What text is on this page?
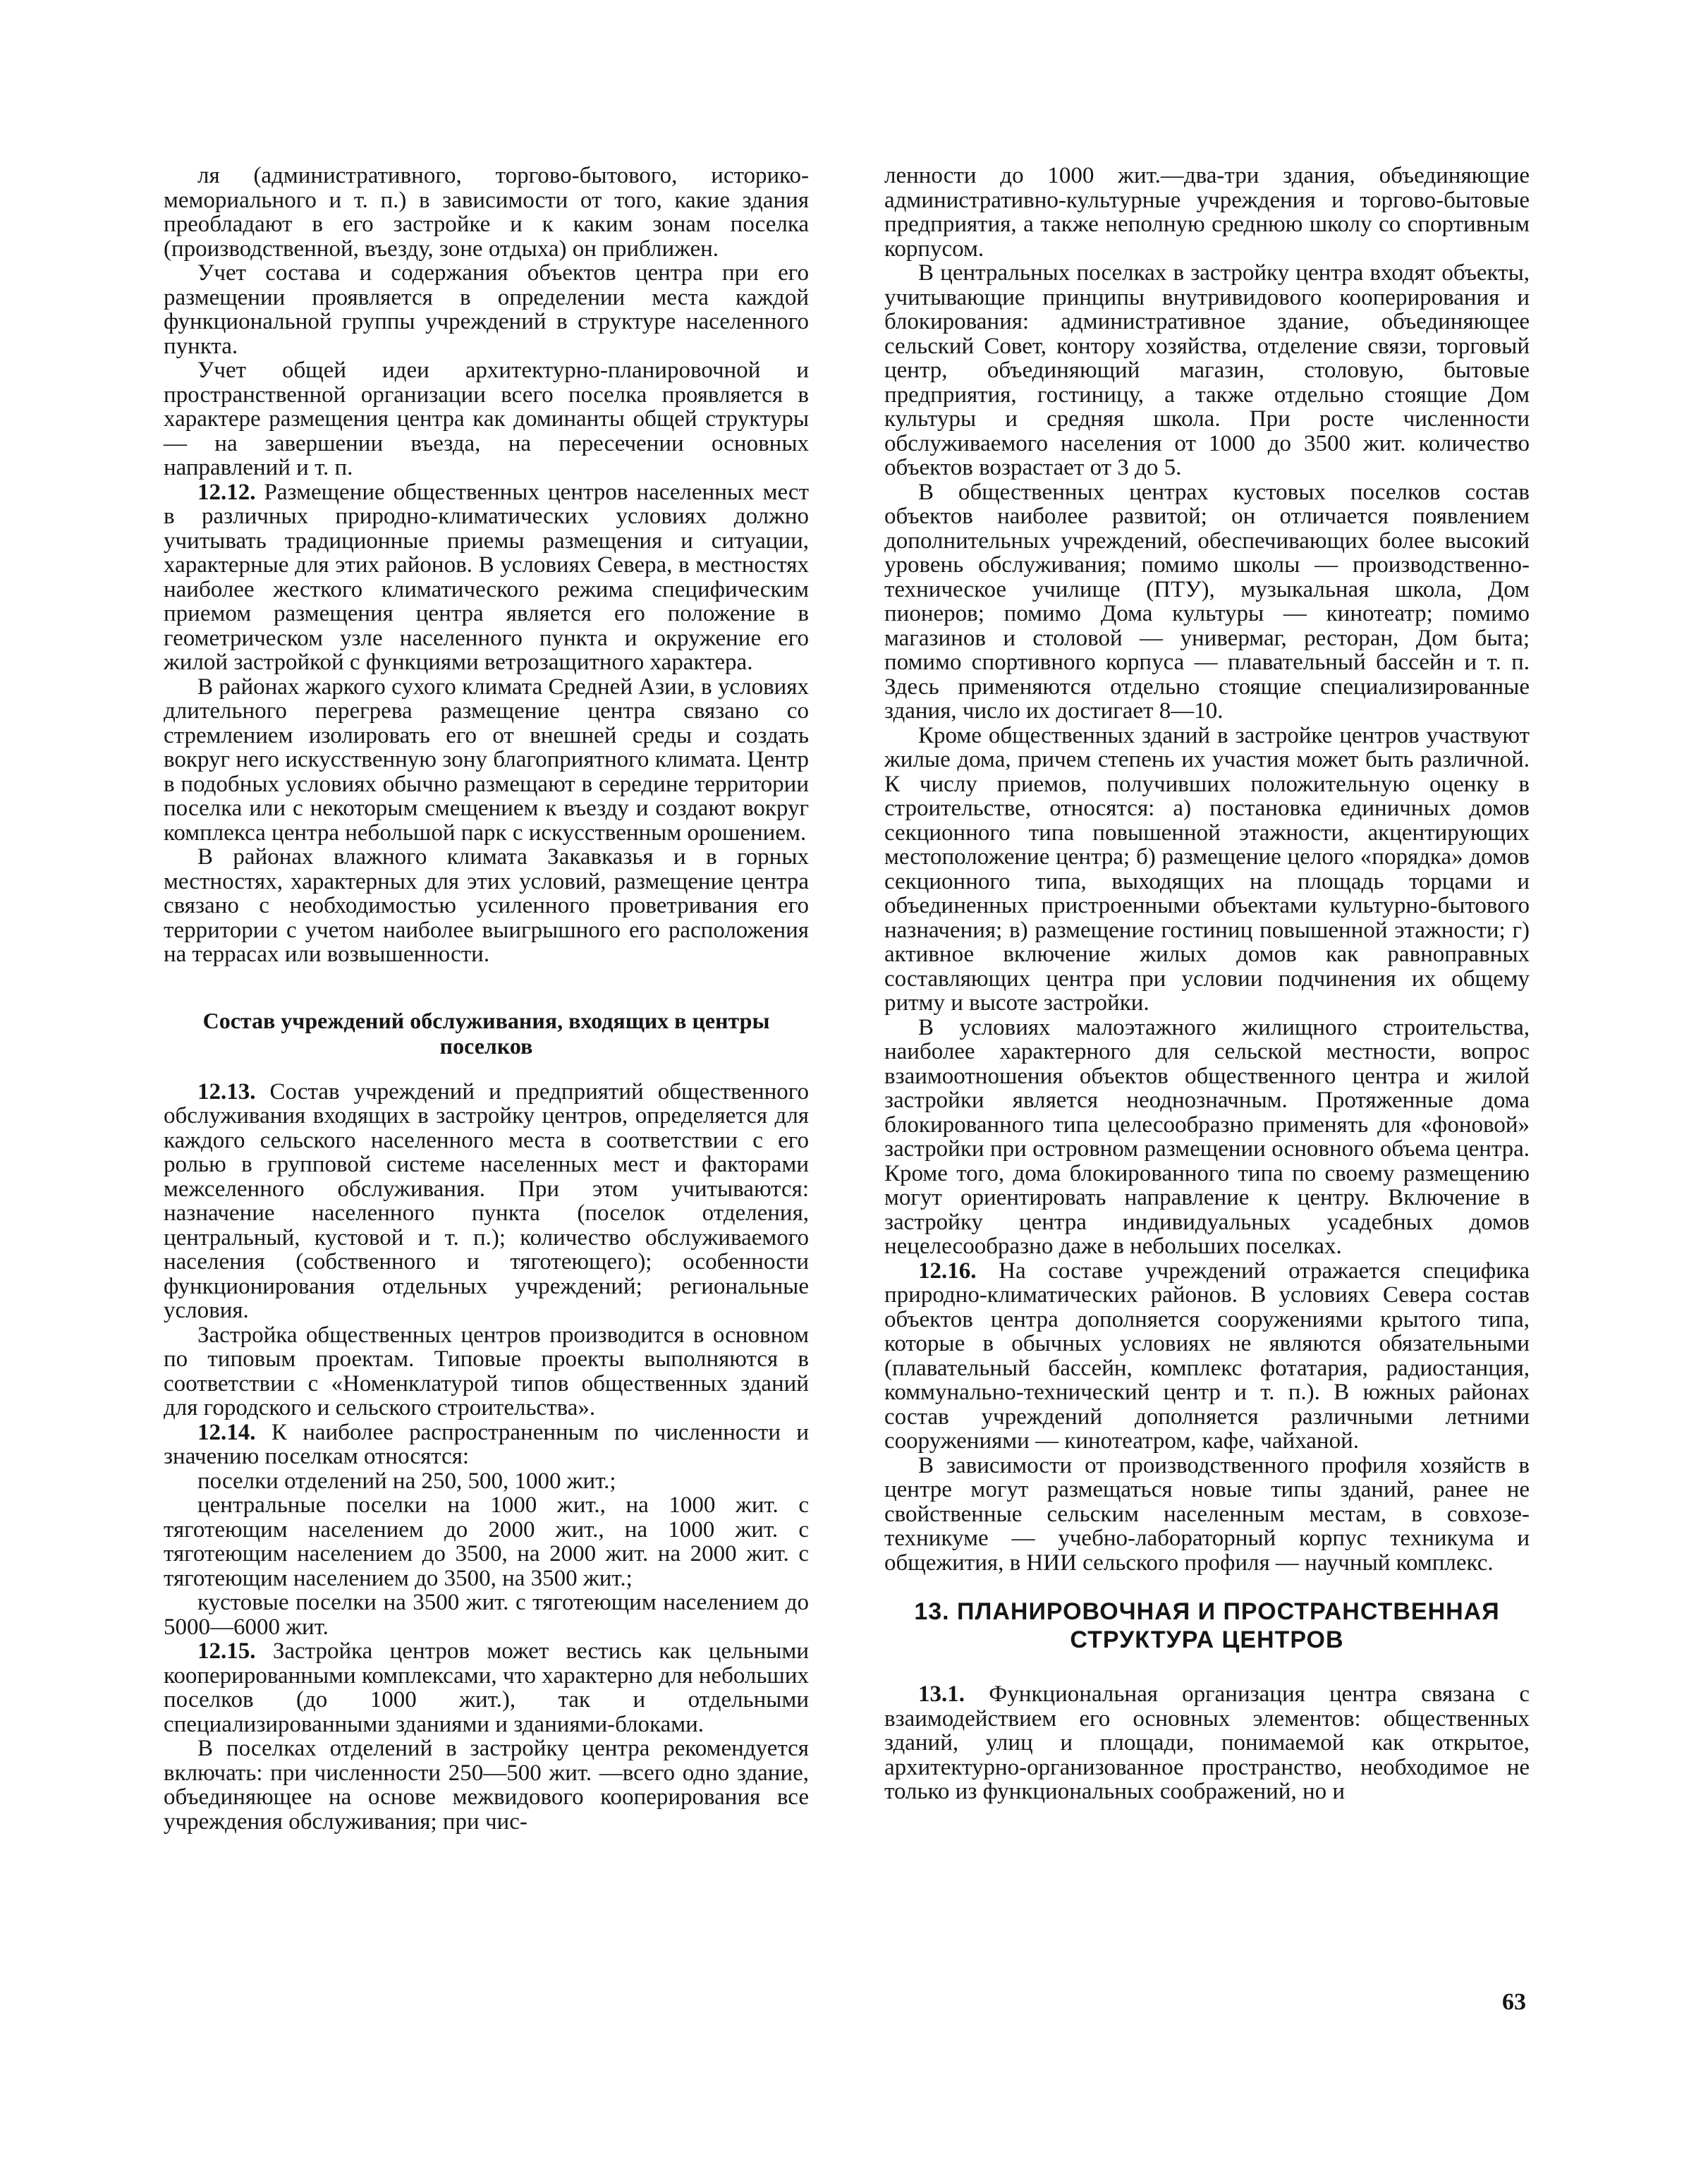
ля (административного, торгово-бытового, историко-мемориального и т. п.) в зависимости от того, какие здания преобладают в его застройке и к каким зонам поселка (производственной, въезду, зоне отдыха) он приближен.

Учет состава и содержания объектов центра при его размещении проявляется в определении места каждой функциональной группы учреждений в структуре населенного пункта.

Учет общей идеи архитектурно-планировочной и пространственной организации всего поселка проявляется в характере размещения центра как доминанты общей структуры — на завершении въезда, на пересечении основных направлений и т. п.

12.12. Размещение общественных центров населенных мест в различных природно-климатических условиях должно учитывать традиционные приемы размещения и ситуации, характерные для этих районов. В условиях Севера, в местностях наиболее жесткого климатического режима специфическим приемом размещения центра является его положение в геометрическом узле населенного пункта и окружение его жилой застройкой с функциями ветрозащитного характера.

В районах жаркого сухого климата Средней Азии, в условиях длительного перегрева размещение центра связано со стремлением изолировать его от внешней среды и создать вокруг него искусственную зону благоприятного климата. Центр в подобных условиях обычно размещают в середине территории поселка или с некоторым смещением к въезду и создают вокруг комплекса центра небольшой парк с искусственным орошением.

В районах влажного климата Закавказья и в горных местностях, характерных для этих условий, размещение центра связано с необходимостью усиленного проветривания его территории с учетом наиболее выигрышного его расположения на террасах или возвышенности.

Состав учреждений обслуживания, входящих в центры поселков

12.13. Состав учреждений и предприятий общественного обслуживания входящих в застройку центров, определяется для каждого сельского населенного места в соответствии с его ролью в групповой системе населенных мест и факторами межселенного обслуживания. При этом учитываются: назначение населенного пункта (поселок отделения, центральный, кустовой и т. п.); количество обслуживаемого населения (собственного и тяготеющего); особенности функционирования отдельных учреждений; региональные условия.

Застройка общественных центров производится в основном по типовым проектам. Типовые проекты выполняются в соответствии с «Номенклатурой типов общественных зданий для городского и сельского строительства».

12.14. К наиболее распространенным по численности и значению поселкам относятся:

поселки отделений на 250, 500, 1000 жит.;

центральные поселки на 1000 жит., на 1000 жит. с тяготеющим населением до 2000 жит., на 1000 жит. с тяготеющим населением до 3500, на 2000 жит. на 2000 жит. с тяготеющим населением до 3500, на 3500 жит.;

кустовые поселки на 3500 жит. с тяготеющим населением до 5000—6000 жит.

12.15. Застройка центров может вестись как цельными кооперированными комплексами, что характерно для небольших поселков (до 1000 жит.), так и отдельными специализированными зданиями и зданиями-блоками.

В поселках отделений в застройку центра рекомендуется включать: при численности 250—500 жит. —всего одно здание, объединяющее на основе межвидового кооперирования все учреждения обслуживания; при чис-

ленности до 1000 жит.—два-три здания, объединяющие административно-культурные учреждения и торгово-бытовые предприятия, а также неполную среднюю школу со спортивным корпусом.

В центральных поселках в застройку центра входят объекты, учитывающие принципы внутривидового кооперирования и блокирования: административное здание, объединяющее сельский Совет, контору хозяйства, отделение связи, торговый центр, объединяющий магазин, столовую, бытовые предприятия, гостиницу, а также отдельно стоящие Дом культуры и средняя школа. При росте численности обслуживаемого населения от 1000 до 3500 жит. количество объектов возрастает от 3 до 5.

В общественных центрах кустовых поселков состав объектов наиболее развитой; он отличается появлением дополнительных учреждений, обеспечивающих более высокий уровень обслуживания; помимо школы — производственно-техническое училище (ПТУ), музыкальная школа, Дом пионеров; помимо Дома культуры — кинотеатр; помимо магазинов и столовой — универмаг, ресторан, Дом быта; помимо спортивного корпуса — плавательный бассейн и т. п. Здесь применяются отдельно стоящие специализированные здания, число их достигает 8—10.

Кроме общественных зданий в застройке центров участвуют жилые дома, причем степень их участия может быть различной. К числу приемов, получивших положительную оценку в строительстве, относятся: а) постановка единичных домов секционного типа повышенной этажности, акцентирующих местоположение центра; б) размещение целого «порядка» домов секционного типа, выходящих на площадь торцами и объединенных пристроенными объектами культурно-бытового назначения; в) размещение гостиниц повышенной этажности; г) активное включение жилых домов как равноправных составляющих центра при условии подчинения их общему ритму и высоте застройки.

В условиях малоэтажного жилищного строительства, наиболее характерного для сельской местности, вопрос взаимоотношения объектов общественного центра и жилой застройки является неоднозначным. Протяженные дома блокированного типа целесообразно применять для «фоновой» застройки при островном размещении основного объема центра. Кроме того, дома блокированного типа по своему размещению могут ориентировать направление к центру. Включение в застройку центра индивидуальных усадебных домов нецелесообразно даже в небольших поселках.

12.16. На составе учреждений отражается специфика природно-климатических районов. В условиях Севера состав объектов центра дополняется сооружениями крытого типа, которые в обычных условиях не являются обязательными (плавательный бассейн, комплекс фотатария, радиостанция, коммунально-технический центр и т. п.). В южных районах состав учреждений дополняется различными летними сооружениями — кинотеатром, кафе, чайханой.

В зависимости от производственного профиля хозяйств в центре могут размещаться новые типы зданий, ранее не свойственные сельским населенным местам, в совхозе-техникуме — учебно-лабораторный корпус техникума и общежития, в НИИ сельского профиля — научный комплекс.

13. ПЛАНИРОВОЧНАЯ И ПРОСТРАНСТВЕННАЯ
СТРУКТУРА ЦЕНТРОВ

13.1. Функциональная организация центра связана с взаимодействием его основных элементов: общественных зданий, улиц и площади, понимаемой как открытое, архитектурно-организованное пространство, необходимое не только из функциональных соображений, но и

63
